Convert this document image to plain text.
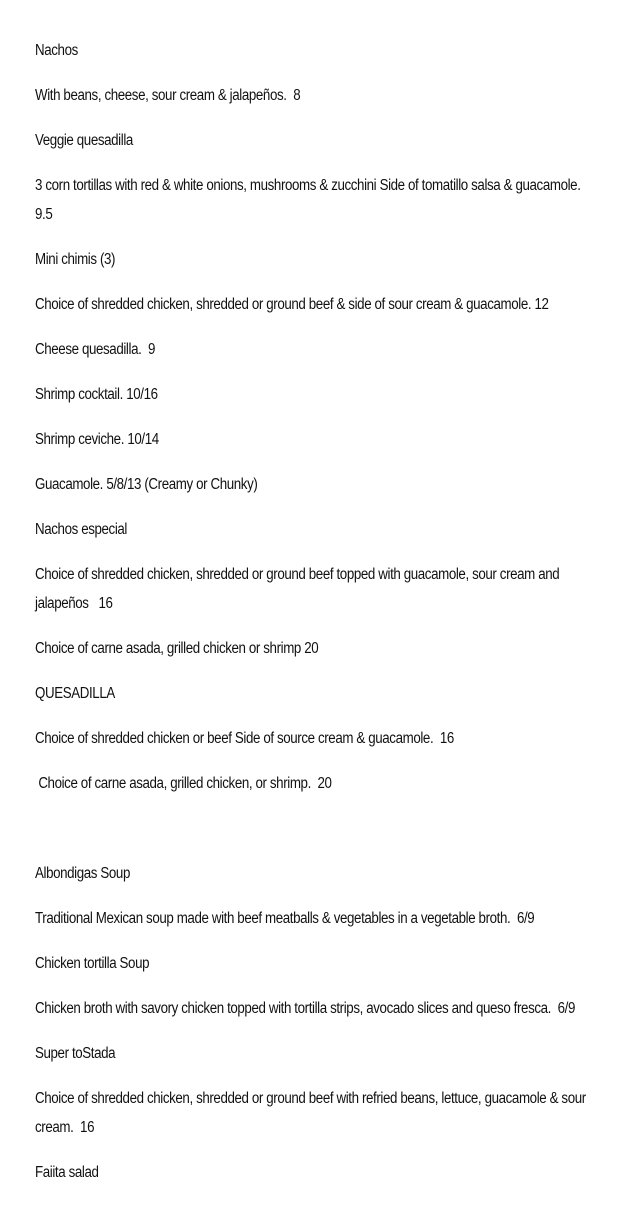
Nachos

With beans, cheese, sour cream & jalapeños.  8

Veggie quesadilla

3 corn tortillas with red & white onions, mushrooms & zucchini Side of tomatillo salsa & guacamole. 9.5

Mini chimis (3)

Choice of shredded chicken, shredded or ground beef & side of sour cream & guacamole. 12

Cheese quesadilla.  9

Shrimp cocktail. 10/16

Shrimp ceviche. 10/14

Guacamole. 5/8/13 (Creamy or Chunky)

Nachos especial

Choice of shredded chicken, shredded or ground beef topped with guacamole, sour cream and jalapeños   16

Choice of carne asada, grilled chicken or shrimp 20

QUESADILLA

Choice of shredded chicken or beef Side of source cream & guacamole.  16

Choice of carne asada, grilled chicken, or shrimp.  20

Albondigas Soup

Traditional Mexican soup made with beef meatballs & vegetables in a vegetable broth.  6/9

Chicken tortilla Soup

Chicken broth with savory chicken topped with tortilla strips, avocado slices and queso fresca.  6/9

Super toStada

Choice of shredded chicken, shredded or ground beef with refried beans, lettuce, guacamole & sour cream.  16

Faiita salad
